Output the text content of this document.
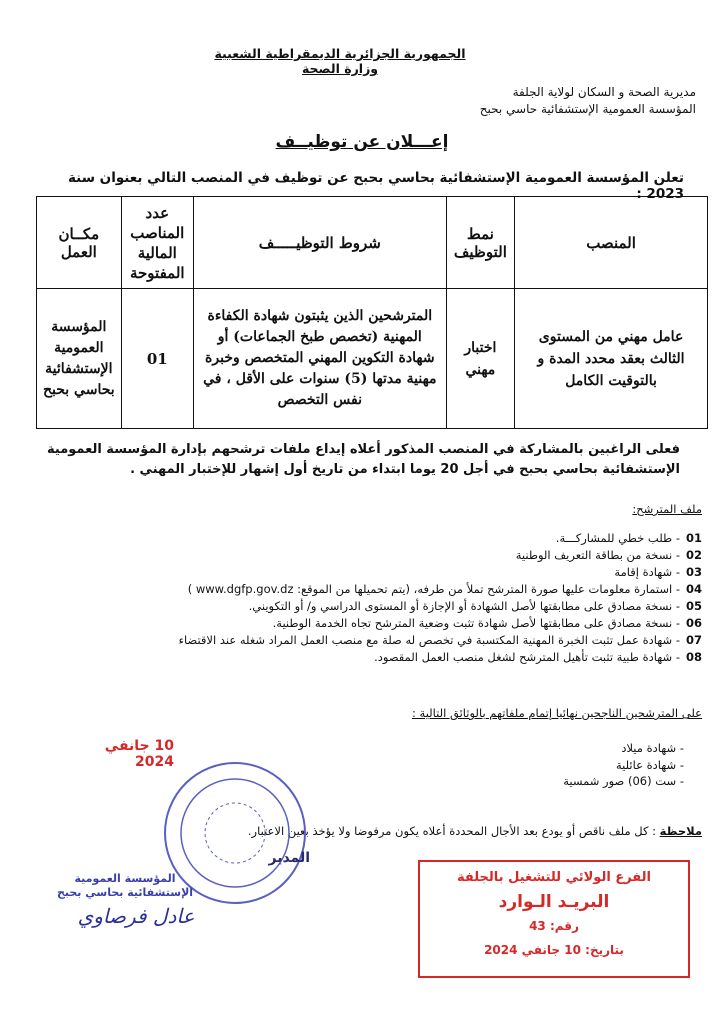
الجمهورية الجزائرية الديمقراطية الشعبية
وزارة الصحة
مديرية الصحة و السكان لولاية الجلفة
المؤسسة العمومية الإستشفائية حاسي بحبح
إعـــلان عن توظيــف
تعلن المؤسسة العمومية الإستشفائية بحاسي بحبح عن توظيف في المنصب التالي بعنوان سنة 2023 :
المنصب	نمط التوظيف	شروط التوظيـــــف	عدد المناصب المالية المفتوحة	مكــان العمل
عامل مهني من المستوى الثالث بعقد محدد المدة و بالتوقيت الكامل	اختبار مهني	المترشحين الذين يثبتون شهادة الكفاءة المهنية (تخصص طبخ الجماعات) أو شهادة التكوين المهني المتخصص وخبرة مهنية مدتها (5) سنوات على الأقل ، في نفس التخصص	01	المؤسسة العمومية الإستشفائية بحاسي بحبح
فعلى الراغبين بالمشاركة في المنصب المذكور أعلاه إيداع ملفات ترشحهم بإدارة المؤسسة العمومية الإستشفائية بحاسي بحبح في أجل 20 يوما ابتداء من تاريخ أول إشهار للإختبار المهني .
ملف المترشح:
01- طلب خطي للمشاركـــة.
02- نسخة من بطاقة التعريف الوطنية
03- شهادة إقامة
04- استمارة معلومات عليها صورة المترشح تملأ من طرفه، (يتم تحميلها من الموقع: www.dgfp.gov.dz )
05- نسخة مصادق على مطابقتها لأصل الشهادة أو الإجازة أو المستوى الدراسي و/ أو التكويني.
06- نسخة مصادق على مطابقتها لأصل شهادة تثبت وضعية المترشح تجاه الخدمة الوطنية.
07- شهادة عمل تثبت الخبرة المهنية المكتسبة في تخصص له صلة مع منصب العمل المراد شغله عند الاقتضاء
08- شهادة طبية تثبت تأهيل المترشح لشغل منصب العمل المقصود.
على المترشحين الناجحين نهائيا إتمام ملفاتهم بالوثائق التالية :
- شهادة ميلاد
- شهادة عائلية
- ست (06) صور شمسية
10 جانفي 2024
ملاحظة : كل ملف ناقص أو يودع بعد الأجال المحددة أعلاه يكون مرفوضا ولا يؤخذ بعين الاعتبار.
المدير
المؤسسة العمومية الإستشفائية بحاسي بحبح
عادل فرصاوي
الفرع الولائي للتشغيل بالجلفة
البريـد الـوارد
رقم: 43
بتاريخ: 10 جانفي 2024
